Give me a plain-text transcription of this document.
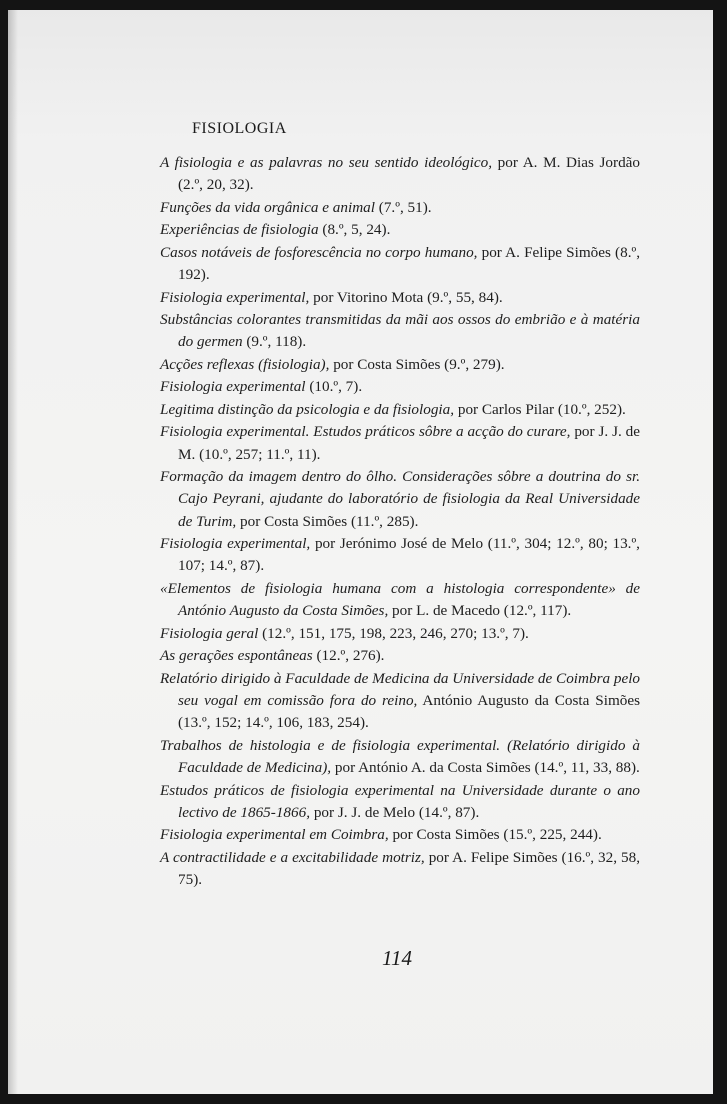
FISIOLOGIA
A fisiologia e as palavras no seu sentido ideológico, por A. M. Dias Jordão (2.º, 20, 32).
Funções da vida orgânica e animal (7.º, 51).
Experiências de fisiologia (8.º, 5, 24).
Casos notáveis de fosforescência no corpo humano, por A. Felipe Simões (8.º, 192).
Fisiologia experimental, por Vitorino Mota (9.º, 55, 84).
Substâncias colorantes transmitidas da mãi aos ossos do embrião e à matéria do germen (9.º, 118).
Acções reflexas (fisiologia), por Costa Simões (9.º, 279).
Fisiologia experimental (10.º, 7).
Legitima distinção da psicologia e da fisiologia, por Carlos Pilar (10.º, 252).
Fisiologia experimental. Estudos práticos sôbre a acção do curare, por J. J. de M. (10.º, 257; 11.º, 11).
Formação da imagem dentro do ôlho. Considerações sôbre a doutrina do sr. Cajo Peyrani, ajudante do laboratório de fisiologia da Real Universidade de Turim, por Costa Simões (11.º, 285).
Fisiologia experimental, por Jerónimo José de Melo (11.º, 304; 12.º, 80; 13.º, 107; 14.º, 87).
«Elementos de fisiologia humana com a histologia correspondente» de António Augusto da Costa Simões, por L. de Macedo (12.º, 117).
Fisiologia geral (12.º, 151, 175, 198, 223, 246, 270; 13.º, 7).
As gerações espontâneas (12.º, 276).
Relatório dirigido à Faculdade de Medicina da Universidade de Coimbra pelo seu vogal em comissão fora do reino, António Augusto da Costa Simões (13.º, 152; 14.º, 106, 183, 254).
Trabalhos de histologia e de fisiologia experimental. (Relatório dirigido à Faculdade de Medicina), por António A. da Costa Simões (14.º, 11, 33, 88).
Estudos práticos de fisiologia experimental na Universidade durante o ano lectivo de 1865-1866, por J. J. de Melo (14.º, 87).
Fisiologia experimental em Coimbra, por Costa Simões (15.º, 225, 244).
A contractilidade e a excitabilidade motriz, por A. Felipe Simões (16.º, 32, 58, 75).
114
